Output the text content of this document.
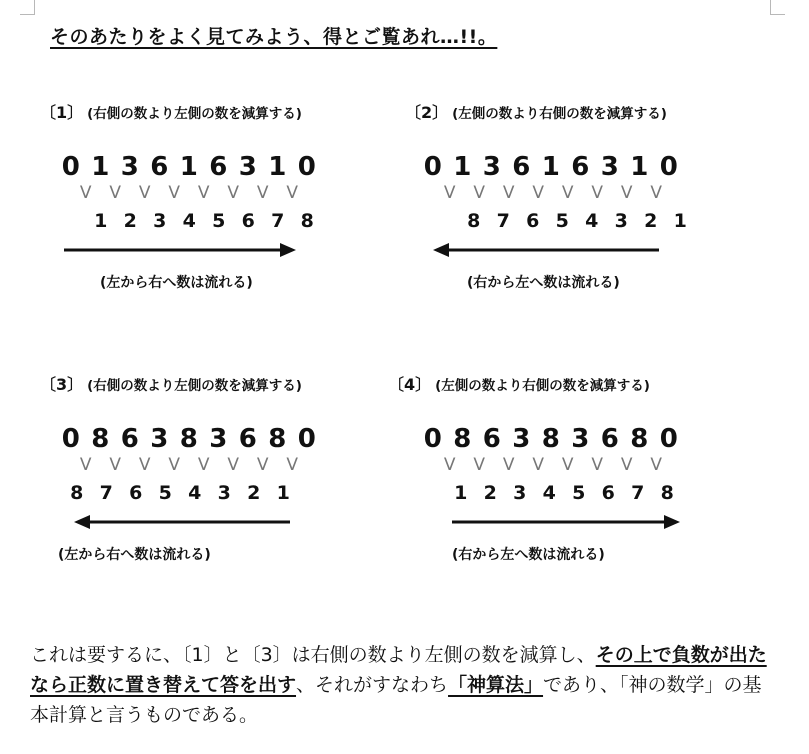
そのあたりをよく見てみよう、得とご覧あれ…!!。
〔1〕 (右側の数より左側の数を減算する)
0 1 3 6 1 6 3 1 0
V	V	V	V	V	V	V	V
1 2 3 4 5 6 7 8
(左から右へ数は流れる)
〔2〕 (左側の数より右側の数を減算する)
0 1 3 6 1 6 3 1 0
V	V	V	V	V	V	V	V
8 7 6 5 4 3 2 1
(右から左へ数は流れる)
〔3〕 (右側の数より左側の数を減算する)
0 8 6 3 8 3 6 8 0
V	V	V	V	V	V	V	V
8 7 6 5 4 3 2 1
(左から右へ数は流れる)
〔4〕 (左側の数より右側の数を減算する)
0 8 6 3 8 3 6 8 0
V	V	V	V	V	V	V	V
1 2 3 4 5 6 7 8
(右から左へ数は流れる)
これは要するに、〔1〕と〔3〕は右側の数より左側の数を減算し、その上で負数が出たなら正数に置き替えて答を出す、それがすなわち「神算法」であり、「神の数学」の基本計算と言うものである。
